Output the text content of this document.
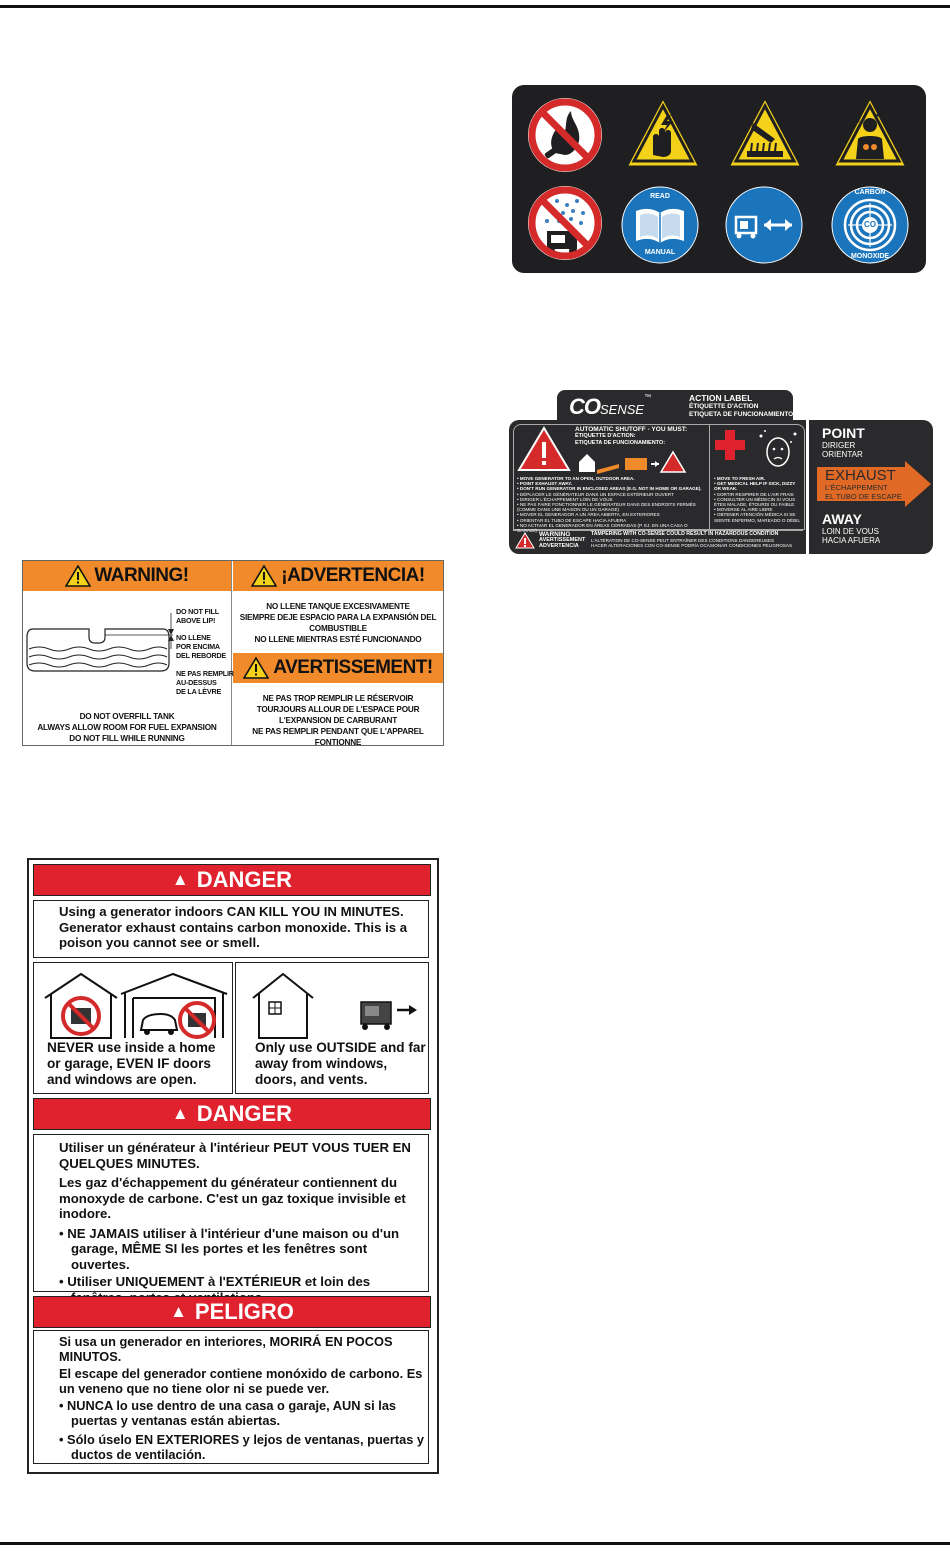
READ
MANUAL
CARBON
CO
MONOXIDE
COSENSE™	ACTION LABEL
ÉTIQUETTE D'ACTION
ETIQUETA DE FUNCIONAMIENTO
AUTOMATIC SHUTOFF - YOU MUST:
ÉTIQUETTE D'ACTION:
ETIQUETA DE FUNCIONAMIENTO:
• MOVE GENERATOR TO AN OPEN, OUTDOOR AREA.
• POINT EXHAUST AWAY.
• DON'T RUN GENERATOR IN ENCLOSED AREAS (E.G. NOT IN HOME OR GARAGE).
• DÉPLACER LE GÉNÉRATEUR DANS UN ESPACE EXTÉRIEUR OUVERT
• DIRIGER L'ÉCHAPPEMENT LOIN DE VOUS
• NE PAS FAIRE FONCTIONNER LE GÉNÉRATEUR DANS DES ENDROITS FERMÉS (COMME DANS UNE MAISON OU UN GARAGE)
• MOVER EL GENERADOR A UN ÁREA ABIERTA, EN EXTERIORES
• ORIENTAR EL TUBO DE ESCAPE HACIA AFUERA
• NO ACTIVAR EL GENERADOR EN ÁREAS CERRADAS (P. EJ. EN UNA CASA O GARAJE)
• MOVE TO FRESH AIR.
• GET MEDICAL HELP IF SICK, DIZZY OR WEAK.
• SORTIR RESPIRER DE L'AIR FRAIS
• CONSULTER UN MÉDECIN SI VOUS ÊTES MALADE, ÉTOURDI OU FAIBLE
• MOVERSE AL AIRE LIBRE
• OBTENER ATENCIÓN MÉDICA SI SE SIENTE ENFERMO, MAREADO O DÉBIL
WARNING
AVERTISSEMENT
ADVERTENCIA
TAMPERING WITH CO-SENSE COULD RESULT IN HAZARDOUS CONDITION
L'ALTÉRATION DE CO-SENSE PEUT ENTRAÎNER DES CONDITIONS DANGEREUSES
HACER ALTERACIONES CON CO-SENSE PODRÍA OCASIONAR CONDICIONES PELIGROSAS
POINT
DIRIGER
ORIENTAR
EXHAUST
L'ÉCHAPPEMENT
EL TUBO DE ESCAPE
AWAY
LOIN DE VOUS
HACIA AFUERA
WARNING!	¡ADVERTENCIA!
AVERTISSEMENT!
DO NOT FILL
ABOVE LIP!
NO LLENE
POR ENCIMA
DEL REBORDE
NE PAS REMPLIR
AU-DESSUS
DE LA LÈVRE
DO NOT OVERFILL TANK
ALWAYS ALLOW ROOM FOR FUEL EXPANSION
DO NOT FILL WHILE RUNNING
NO LLENE TANQUE EXCESIVAMENTE
SIEMPRE DEJE ESPACIO PARA LA EXPANSIÓN DEL COMBUSTIBLE
NO LLENE MIENTRAS ESTÉ FUNCIONANDO
NE PAS TROP REMPLIR LE RÉSERVOIR
TOURJOURS ALLOUR DE L'ESPACE POUR L'EXPANSION DE CARBURANT
NE PAS REMPLIR PENDANT QUE L'APPAREL FONTIONNE
▲ DANGER
Using a generator indoors CAN KILL YOU IN MINUTES. Generator exhaust contains carbon monoxide. This is a poison you cannot see or smell.
NEVER use inside a home or garage, EVEN IF doors and windows are open.
Only use OUTSIDE and far away from windows, doors, and vents.
▲ DANGER
Utiliser un générateur à l'intérieur PEUT VOUS TUER EN QUELQUES MINUTES.
Les gaz d'échappement du générateur contiennent du monoxyde de carbone. C'est un gaz toxique invisible et inodore.
• NE JAMAIS utiliser à l'intérieur d'une maison ou d'un garage, MÊME SI les portes et les fenêtres sont ouvertes.
• Utiliser UNIQUEMENT à l'EXTÉRIEUR et loin des
▲ PELIGRO
Si usa un generador en interiores, MORIRÁ EN POCOS MINUTOS.
El escape del generador contiene monóxido de carbono. Es un veneno que no tiene olor ni se puede ver.
• NUNCA lo use dentro de una casa o garaje, AUN si las puertas y ventanas están abiertas.
• Sólo úselo EN EXTERIORES y lejos de ventanas, puertas y ductos de ventilación.
